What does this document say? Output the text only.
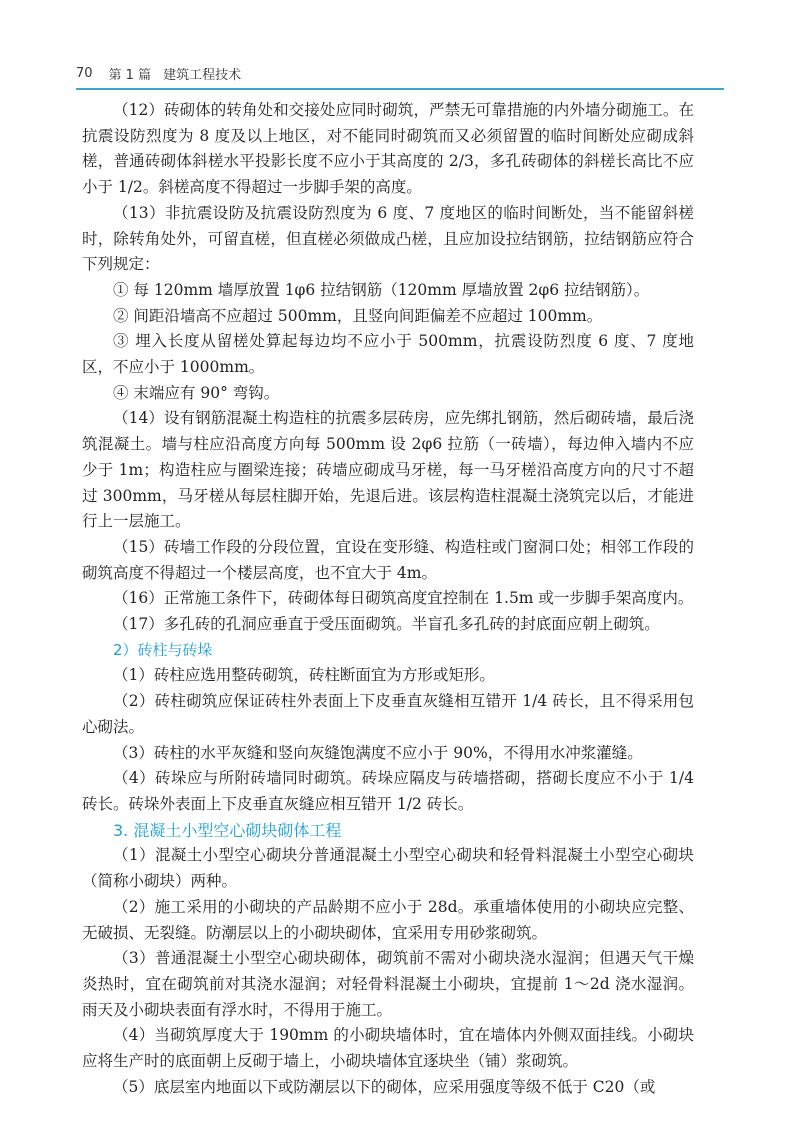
70 第 1 篇 建筑工程技术

（12）砖砌体的转角处和交接处应同时砌筑，严禁无可靠措施的内外墙分砌施工。在抗震设防烈度为 8 度及以上地区，对不能同时砌筑而又必须留置的临时间断处应砌成斜槎，普通砖砌体斜槎水平投影长度不应小于其高度的 2/3，多孔砖砌体的斜槎长高比不应小于 1/2。斜槎高度不得超过一步脚手架的高度。

（13）非抗震设防及抗震设防烈度为 6 度、7 度地区的临时间断处，当不能留斜槎时，除转角处外，可留直槎，但直槎必须做成凸槎，且应加设拉结钢筋，拉结钢筋应符合下列规定：

① 每 120mm 墙厚放置 1φ6 拉结钢筋（120mm 厚墙放置 2φ6 拉结钢筋）。

② 间距沿墙高不应超过 500mm，且竖向间距偏差不应超过 100mm。

③ 埋入长度从留槎处算起每边均不应小于 500mm，抗震设防烈度 6 度、7 度地区，不应小于 1000mm。

④ 末端应有 90° 弯钩。

（14）设有钢筋混凝土构造柱的抗震多层砖房，应先绑扎钢筋，然后砌砖墙，最后浇筑混凝土。墙与柱应沿高度方向每 500mm 设 2φ6 拉筋（一砖墙），每边伸入墙内不应少于 1m；构造柱应与圈梁连接；砖墙应砌成马牙槎，每一马牙槎沿高度方向的尺寸不超过 300mm，马牙槎从每层柱脚开始，先退后进。该层构造柱混凝土浇筑完以后，才能进行上一层施工。

（15）砖墙工作段的分段位置，宜设在变形缝、构造柱或门窗洞口处；相邻工作段的砌筑高度不得超过一个楼层高度，也不宜大于 4m。

（16）正常施工条件下，砖砌体每日砌筑高度宜控制在 1.5m 或一步脚手架高度内。

（17）多孔砖的孔洞应垂直于受压面砌筑。半盲孔多孔砖的封底面应朝上砌筑。

2）砖柱与砖垛

（1）砖柱应选用整砖砌筑，砖柱断面宜为方形或矩形。

（2）砖柱砌筑应保证砖柱外表面上下皮垂直灰缝相互错开 1/4 砖长，且不得采用包心砌法。

（3）砖柱的水平灰缝和竖向灰缝饱满度不应小于 90%，不得用水冲浆灌缝。

（4）砖垛应与所附砖墙同时砌筑。砖垛应隔皮与砖墙搭砌，搭砌长度应不小于 1/4 砖长。砖垛外表面上下皮垂直灰缝应相互错开 1/2 砖长。

3. 混凝土小型空心砌块砌体工程

（1）混凝土小型空心砌块分普通混凝土小型空心砌块和轻骨料混凝土小型空心砌块（简称小砌块）两种。

（2）施工采用的小砌块的产品龄期不应小于 28d。承重墙体使用的小砌块应完整、无破损、无裂缝。防潮层以上的小砌块砌体，宜采用专用砂浆砌筑。

（3）普通混凝土小型空心砌块砌体，砌筑前不需对小砌块浇水湿润；但遇天气干燥炎热时，宜在砌筑前对其浇水湿润；对轻骨料混凝土小砌块，宜提前 1～2d 浇水湿润。雨天及小砌块表面有浮水时，不得用于施工。

（4）当砌筑厚度大于 190mm 的小砌块墙体时，宜在墙体内外侧双面挂线。小砌块应将生产时的底面朝上反砌于墙上，小砌块墙体宜逐块坐（铺）浆砌筑。

（5）底层室内地面以下或防潮层以下的砌体，应采用强度等级不低于 C20（或
